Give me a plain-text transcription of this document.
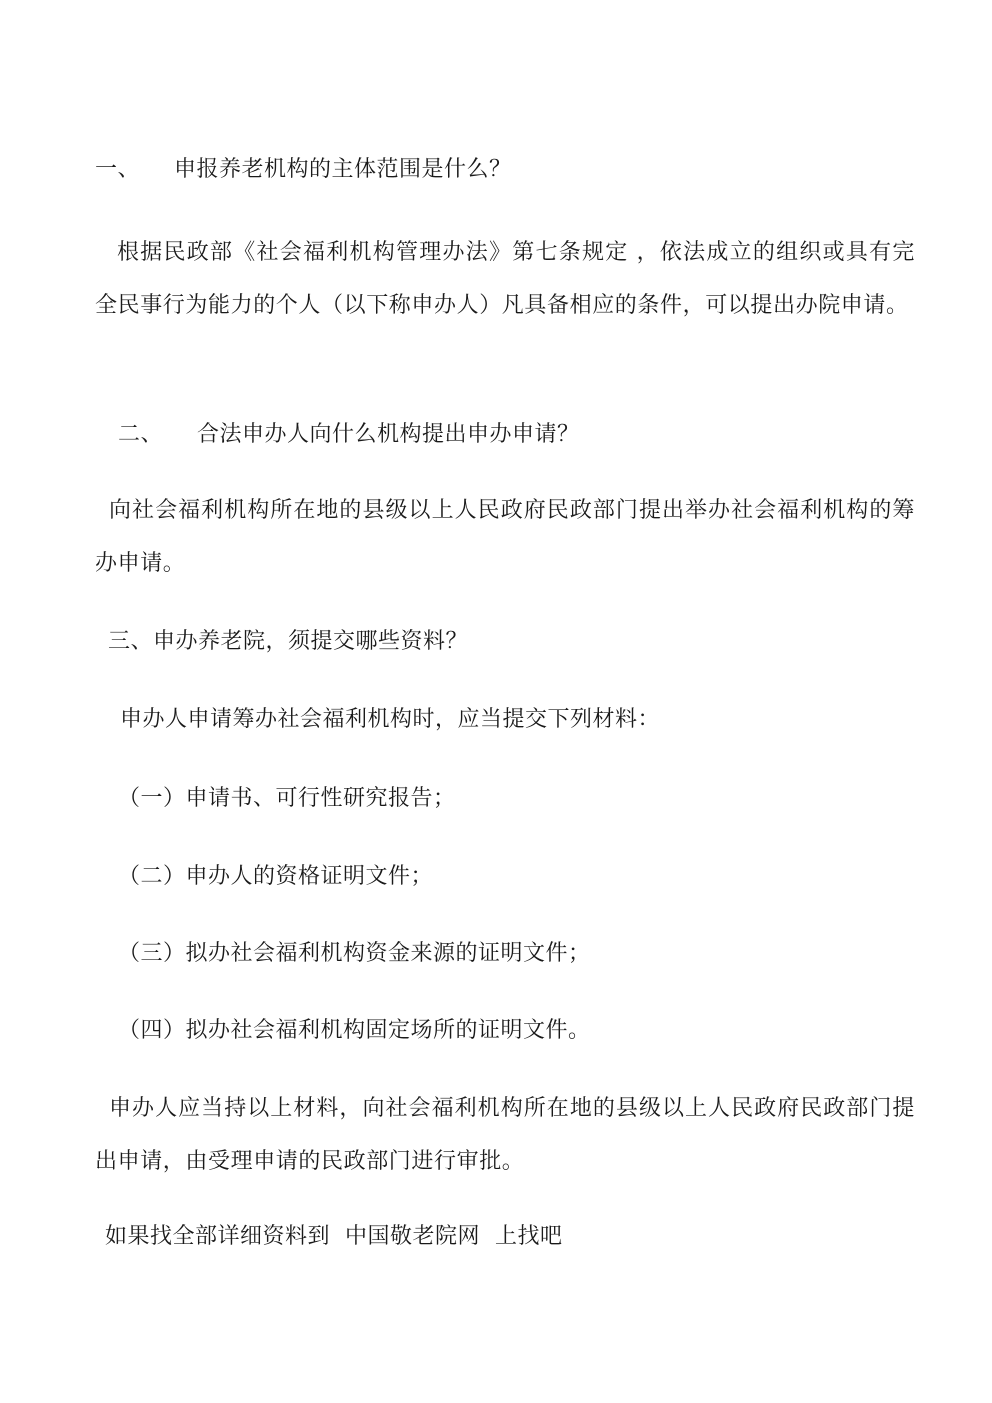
一、 申报养老机构的主体范围是什么？
根据民政部《社会福利机构管理办法》第七条规定 ，依法成立的组织或具有完全民事行为能力的个人（以下称申办人）凡具备相应的条件，可以提出办院申请。
二、 合法申办人向什么机构提出申办申请？
向社会福利机构所在地的县级以上人民政府民政部门提出举办社会福利机构的筹办申请。
三、申办养老院，须提交哪些资料？
申办人申请筹办社会福利机构时，应当提交下列材料：
（一）申请书、可行性研究报告；
（二）申办人的资格证明文件；
（三）拟办社会福利机构资金来源的证明文件；
（四）拟办社会福利机构固定场所的证明文件。
申办人应当持以上材料，向社会福利机构所在地的县级以上人民政府民政部门提出申请，由受理申请的民政部门进行审批。
如果找全部详细资料到  中国敬老院网  上找吧
